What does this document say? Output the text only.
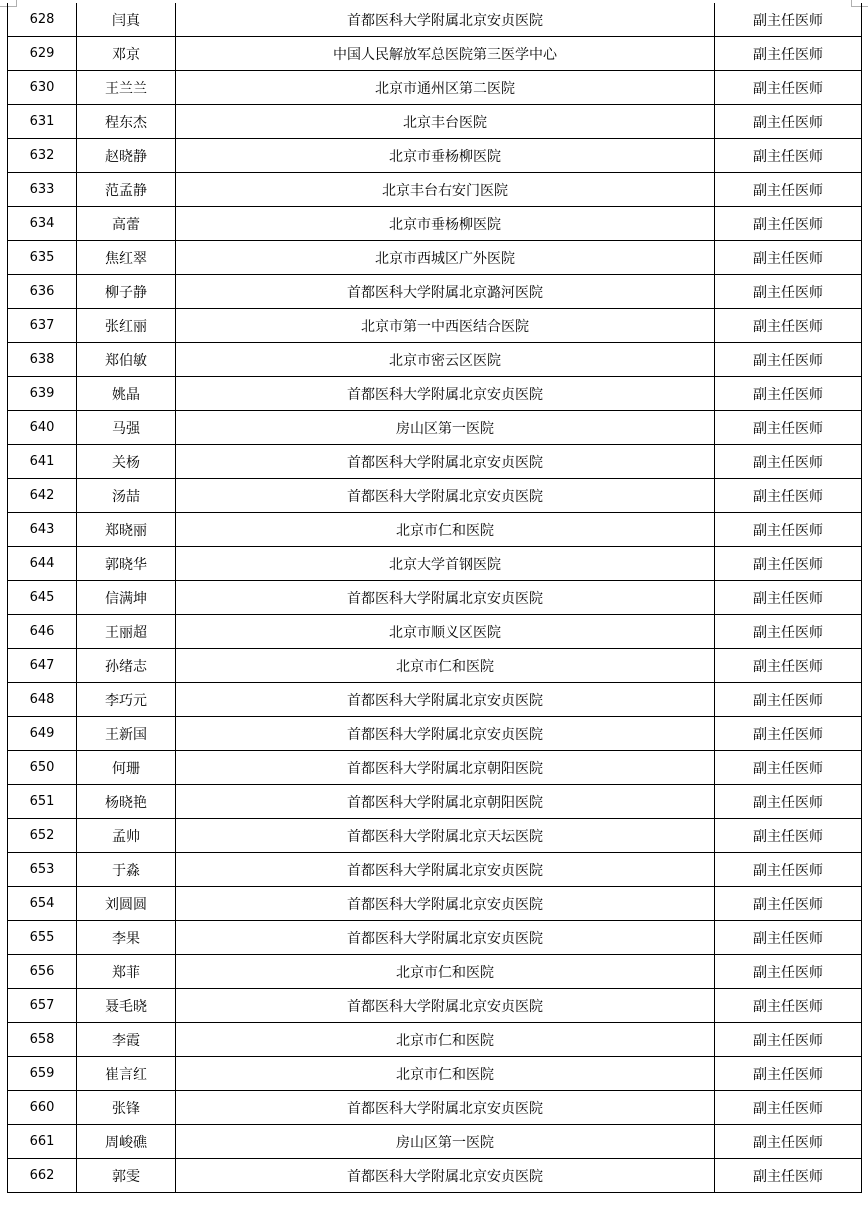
628	闫真	首都医科大学附属北京安贞医院	副主任医师
629	邓京	中国人民解放军总医院第三医学中心	副主任医师
630	王兰兰	北京市通州区第二医院	副主任医师
631	程东杰	北京丰台医院	副主任医师
632	赵晓静	北京市垂杨柳医院	副主任医师
633	范孟静	北京丰台右安门医院	副主任医师
634	高蕾	北京市垂杨柳医院	副主任医师
635	焦红翠	北京市西城区广外医院	副主任医师
636	柳子静	首都医科大学附属北京潞河医院	副主任医师
637	张红丽	北京市第一中西医结合医院	副主任医师
638	郑伯敏	北京市密云区医院	副主任医师
639	姚晶	首都医科大学附属北京安贞医院	副主任医师
640	马强	房山区第一医院	副主任医师
641	关杨	首都医科大学附属北京安贞医院	副主任医师
642	汤喆	首都医科大学附属北京安贞医院	副主任医师
643	郑晓丽	北京市仁和医院	副主任医师
644	郭晓华	北京大学首钢医院	副主任医师
645	信满坤	首都医科大学附属北京安贞医院	副主任医师
646	王丽超	北京市顺义区医院	副主任医师
647	孙绪志	北京市仁和医院	副主任医师
648	李巧元	首都医科大学附属北京安贞医院	副主任医师
649	王新国	首都医科大学附属北京安贞医院	副主任医师
650	何珊	首都医科大学附属北京朝阳医院	副主任医师
651	杨晓艳	首都医科大学附属北京朝阳医院	副主任医师
652	孟帅	首都医科大学附属北京天坛医院	副主任医师
653	于淼	首都医科大学附属北京安贞医院	副主任医师
654	刘圆圆	首都医科大学附属北京安贞医院	副主任医师
655	李果	首都医科大学附属北京安贞医院	副主任医师
656	郑菲	北京市仁和医院	副主任医师
657	聂毛晓	首都医科大学附属北京安贞医院	副主任医师
658	李霞	北京市仁和医院	副主任医师
659	崔言红	北京市仁和医院	副主任医师
660	张锋	首都医科大学附属北京安贞医院	副主任医师
661	周峻礁	房山区第一医院	副主任医师
662	郭雯	首都医科大学附属北京安贞医院	副主任医师
